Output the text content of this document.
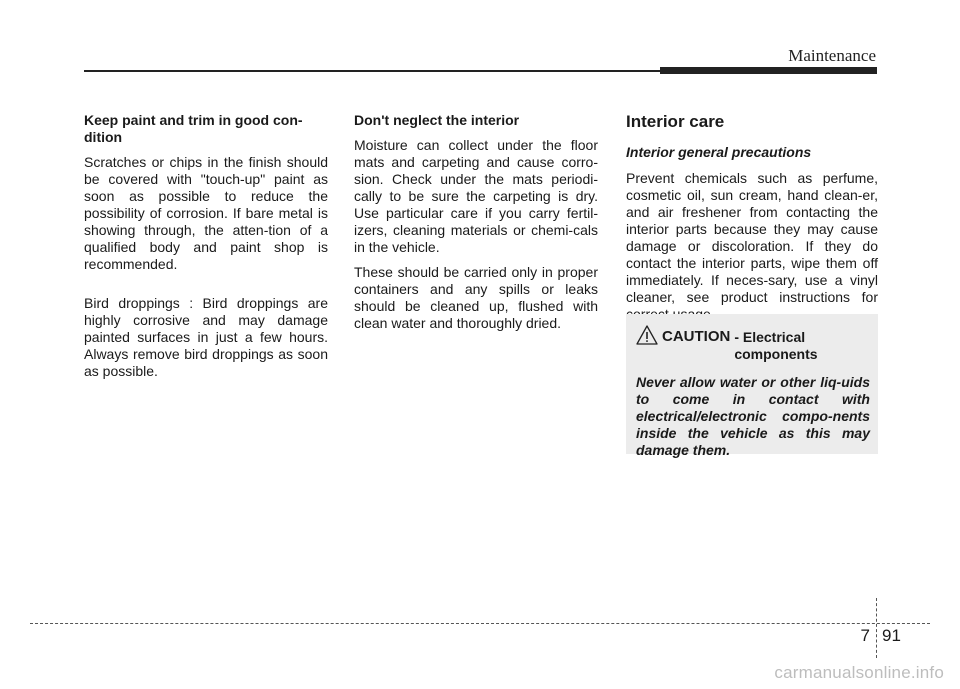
Maintenance
Keep paint and trim in good con-dition

Scratches or chips in the finish should be covered with "touch-up" paint as soon as possible to reduce the possibility of corrosion. If bare metal is showing through, the atten-tion of a qualified body and paint shop is recommended.

Bird droppings : Bird droppings are highly corrosive and may damage painted surfaces in just a few hours. Always remove bird droppings as soon as possible.

Don't neglect the interior

Moisture can collect under the floor mats and carpeting and cause corro-sion. Check under the mats periodi-cally to be sure the carpeting is dry. Use particular care if you carry fertil-izers, cleaning materials or chemi-cals in the vehicle.

These should be carried only in proper containers and any spills or leaks should be cleaned up, flushed with clean water and thoroughly dried.

Interior care
Interior general precautions

Prevent chemicals such as perfume, cosmetic oil, sun cream, hand clean-er, and air freshener from contacting the interior parts because they may cause damage or discoloration. If they do contact the interior parts, wipe them off immediately. If neces-sary, use a vinyl cleaner, see product instructions for

CAUTION - Electrical
components
Never allow water or other liq-uids to come in contact with electrical/electronic compo-nents inside the vehicle as this may damage them.
7 91
carmanualsonline.info
